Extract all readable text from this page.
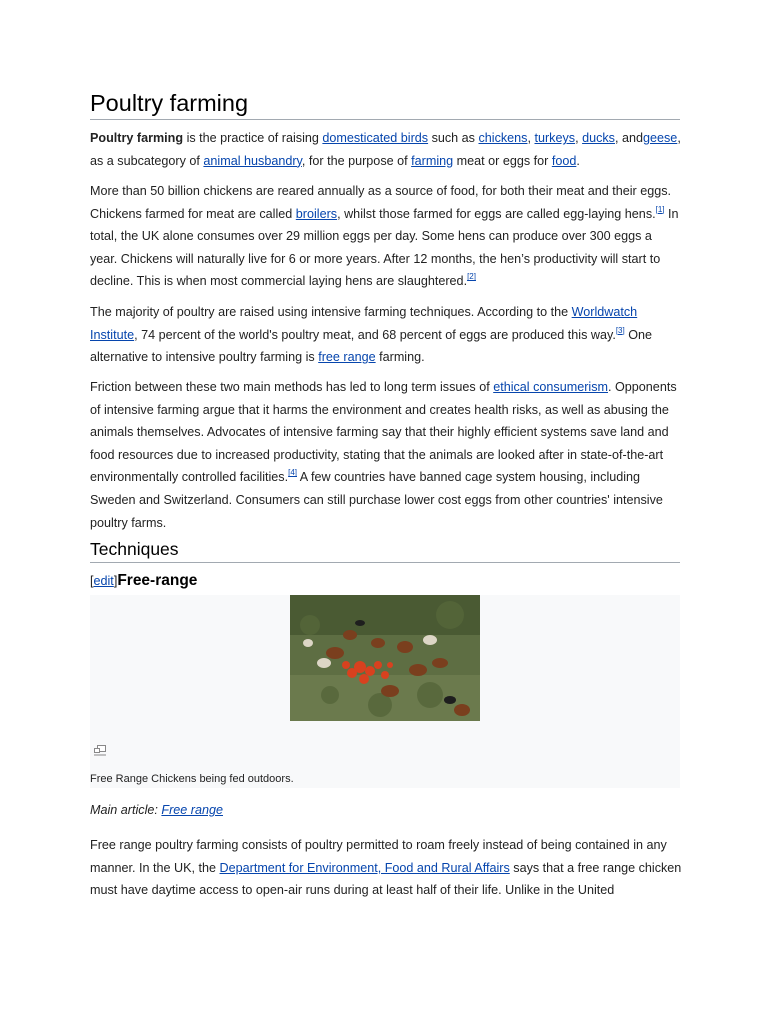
Poultry farming

Poultry farming is the practice of raising domesticated birds such as chickens, turkeys, ducks, andgeese, as a subcategory of animal husbandry, for the purpose of farming meat or eggs for food.

More than 50 billion chickens are reared annually as a source of food, for both their meat and their eggs. Chickens farmed for meat are called broilers, whilst those farmed for eggs are called egg-laying hens.[1] In total, the UK alone consumes over 29 million eggs per day. Some hens can produce over 300 eggs a year. Chickens will naturally live for 6 or more years. After 12 months, the hen’s productivity will start to decline. This is when most commercial laying hens are slaughtered.[2]

The majority of poultry are raised using intensive farming techniques. According to the Worldwatch Institute, 74 percent of the world's poultry meat, and 68 percent of eggs are produced this way.[3] One alternative to intensive poultry farming is free range farming.

Friction between these two main methods has led to long term issues of ethical consumerism. Opponents of intensive farming argue that it harms the environment and creates health risks, as well as abusing the animals themselves. Advocates of intensive farming say that their highly efficient systems save land and food resources due to increased productivity, stating that the animals are looked after in state-of-the-art environmentally controlled facilities.[4] A few countries have banned cage system housing, including Sweden and Switzerland. Consumers can still purchase lower cost eggs from other countries' intensive poultry farms.

Techniques
[edit]Free-range
Free Range Chickens being fed outdoors.
Main article: Free range

Free range poultry farming consists of poultry permitted to roam freely instead of being contained in any manner. In the UK, the Department for Environment, Food and Rural Affairs says that a free range chicken must have daytime access to open-air runs during at least half of their life. Unlike in the United
